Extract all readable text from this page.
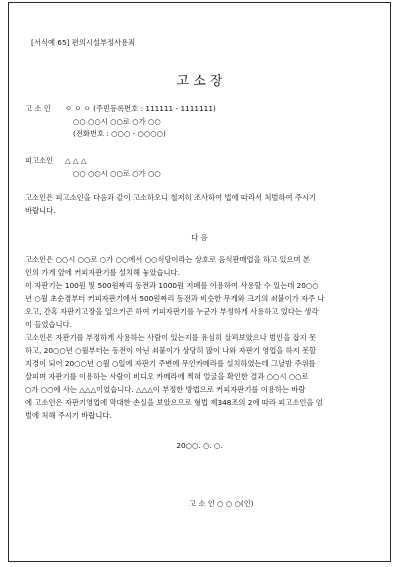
[서식예 65] 편의시설부정사용죄
고 소 장
고 소 인 ㅇ ㅇ ㅇ (주민등록번호 : 111111 - 1111111)
○○ ○○시 ○○로 ○가 ○○
(전화번호 : ○○○ - ○○○○)
피고소인 △ △ △
○○ ○○시 ○○로 ○가 ○○
고소인은 피고소인을 다음과 같이 고소하오니 철저히 조사하여 법에 따라서 처벌하여 주시기
바랍니다.
다 음
고소인은 ○○시 ○○로 ○가 ○○에서 ○○식당이라는 상호로 음식판매업을 하고 있으며 본
인의 가게 앞에 커피자판기를 설치해 놓았습니다.
이 자판기는 100원 및 500원짜리 동전과 1000원 지폐를 이용하여 사용할 수 있는데 20○○
년 ○월 초순경부터 커피자판기에서 500원짜리 동전과 비슷한 무게와 크기의 쇠붙이가 자주 나
오고, 간혹 자판기고장을 일으키곤 하여 커피자판기를 누군가 부정하게 사용하고 있다는 생각
이 들었습니다.
고소인은 자판기를 부정하게 사용하는 사람이 있는지를 유심히 살펴보았으나 범인을 잡지 못
하고, 20○○년 ○월부터는 동전이 아닌 쇠붙이가 상당히 많이 나와 자판기 영업을 하지 못할
지경이 되어 20○○년 ○월 ○일에 자판기 주변에 무인카메라를 설치하였는데 그날밤 주위를
살피며 자판기를 이용하는 사람이 비디오 카메라에 찍혀 얼굴을 확인한 결과 ○○시 ○○로
○가 ○○에 사는 △△△이었습니다. △△△이 부정한 방법으로 커피자판기를 이용하는 바람
에 고소인은 자판기영업에 막대한 손실을 보았으므로 형법 제348조의 2에 따라 피고소인을 엄
벌에 처해 주시기 바랍니다.
20○○. ○. ○.
고 소 인 ○ ○ ○(인)
